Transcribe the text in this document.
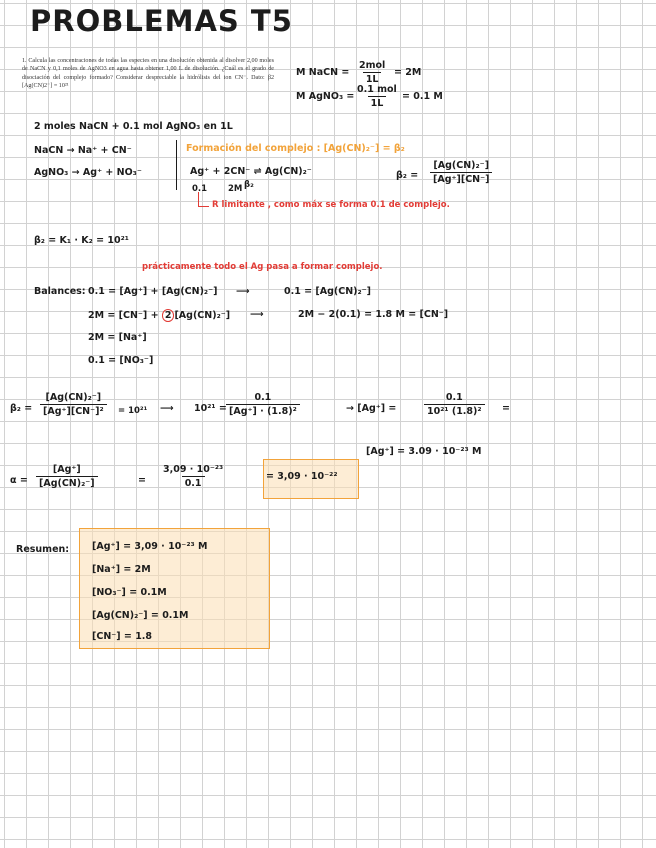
PROBLEMAS T5
1. Calcula las concentraciones de todas las especies en una disolución obtenida al disolver 2,00 moles de NaCN y 0,1 moles de AgNO3 en agua hasta obtener 1,00 L de disolución. ¿Cuál es el grado de disociación del complejo formado? Considerar despreciable la hidrólisis del ion CN⁻. Dato: β2 [Ag(CN)2⁻] = 10²¹
M NaCN =
2mol
1L
= 2M
M AgNO₃ =
0.1 mol
1L
= 0.1 M
2 moles NaCN + 0.1 mol AgNO₃ en 1L
NaCN → Na⁺ + CN⁻
AgNO₃ → Ag⁺ + NO₃⁻
Formación del complejo : [Ag(CN)₂⁻] = β₂
Ag⁺ + 2CN⁻ ⇌ Ag(CN)₂⁻
β₂
0.1 2M
$\beta_2 = \frac{\text{[Ag(CN)₂⁻]}}{[Ag^+][CN^-]}$
R limitante , como máx se forma 0.1 de complejo.
β₂ = K₁ · K₂ = 10²¹
prácticamente todo el Ag pasa a formar complejo.
Balances: 0.1 = [Ag⁺] + [Ag(CN)₂⁻] ⟶	0.1 = [Ag(CN)₂⁻]
2M = [CN⁻] + 2 [Ag(CN)₂⁻] ⟶	2M − 2(0.1) = 1.8 M = [CN⁻]
2M = [Na⁺]
0.1 = [NO₃⁻]
$\beta_2 = \frac{\text{[Ag(CN)₂⁻]}}{\text{[Ag⁺][CN⁻]²}} = 10^{21}$ ⟶ $10^{21} = \frac{0.1}{\text{[Ag⁺] · (1.8)²}}$	→ [Ag⁺] =	$\frac{0.1}{\text{10²¹ (1.8)²}}$ =
[Ag⁺] = 3.09 · 10⁻²³ M
$\alpha = \frac{[Ag^+]}{\text{[Ag(CN)₂⁻]}}$	= $\frac{\text{3,09 · 10⁻²³}}{0.1}$	= 3,09 · 10⁻²²
Resumen: [Ag⁺] = 3,09 · 10⁻²³ M
[Na⁺] = 2M
[NO₃⁻] = 0.1M
[Ag(CN)₂⁻] = 0.1M
[CN⁻] = 1.8
